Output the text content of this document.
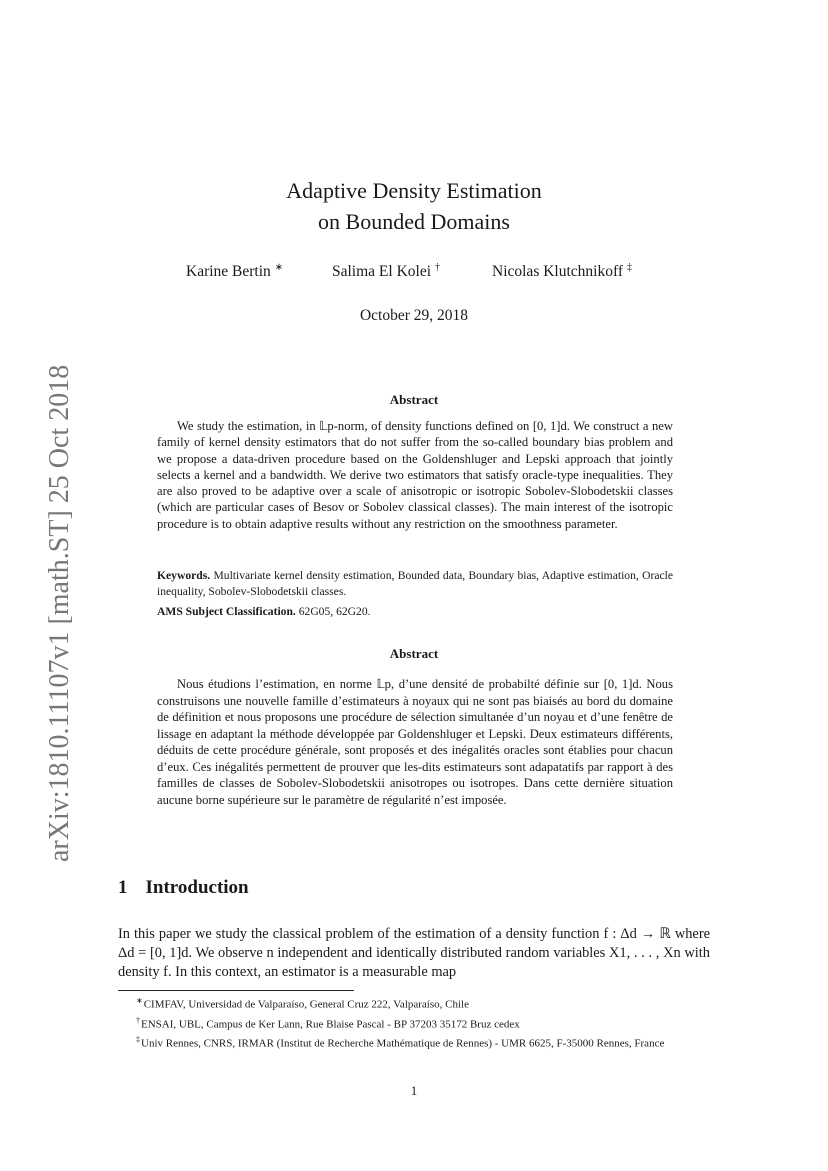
arXiv:1810.11107v1 [math.ST] 25 Oct 2018
Adaptive Density Estimation
on Bounded Domains
Karine Bertin ∗	Salima El Kolei †	Nicolas Klutchnikoff ‡
October 29, 2018
Abstract
We study the estimation, in 𝕃p-norm, of density functions defined on [0, 1]d. We construct a new family of kernel density estimators that do not suffer from the so-called boundary bias problem and we propose a data-driven procedure based on the Goldenshluger and Lepski approach that jointly selects a kernel and a bandwidth. We derive two estimators that satisfy oracle-type inequalities. They are also proved to be adaptive over a scale of anisotropic or isotropic Sobolev-Slobodetskii classes (which are particular cases of Besov or Sobolev classical classes). The main interest of the isotropic procedure is to obtain adaptive results without any restriction on the smoothness parameter.
Keywords. Multivariate kernel density estimation, Bounded data, Boundary bias, Adaptive estimation, Oracle inequality, Sobolev-Slobodetskii classes.
AMS Subject Classification. 62G05, 62G20.
Abstract
Nous étudions l’estimation, en norme 𝕃p, d’une densité de probabilté définie sur [0, 1]d. Nous construisons une nouvelle famille d’estimateurs à noyaux qui ne sont pas biaisés au bord du domaine de définition et nous proposons une procédure de sélection simultanée d’un noyau et d’une fenêtre de lissage en adaptant la méthode développée par Goldenshluger et Lepski. Deux estimateurs différents, déduits de cette procédure générale, sont proposés et des inégalités oracles sont établies pour chacun d’eux. Ces inégalités permettent de prouver que les-dits estimateurs sont adapatatifs par rapport à des familles de classes de Sobolev-Slobodetskii anisotropes ou isotropes. Dans cette dernière situation aucune borne supérieure sur le paramètre de régularité n’est imposée.
1 Introduction
In this paper we study the classical problem of the estimation of a density function f : Δd → ℝ where Δd = [0, 1]d. We observe n independent and identically distributed random variables X1, . . . , Xn with density f. In this context, an estimator is a measurable map
∗CIMFAV, Universidad de Valparaíso, General Cruz 222, Valparaíso, Chile
†ENSAI, UBL, Campus de Ker Lann, Rue Blaise Pascal - BP 37203 35172 Bruz cedex
‡Univ Rennes, CNRS, IRMAR (Institut de Recherche Mathématique de Rennes) - UMR 6625, F-35000 Rennes, France
1
